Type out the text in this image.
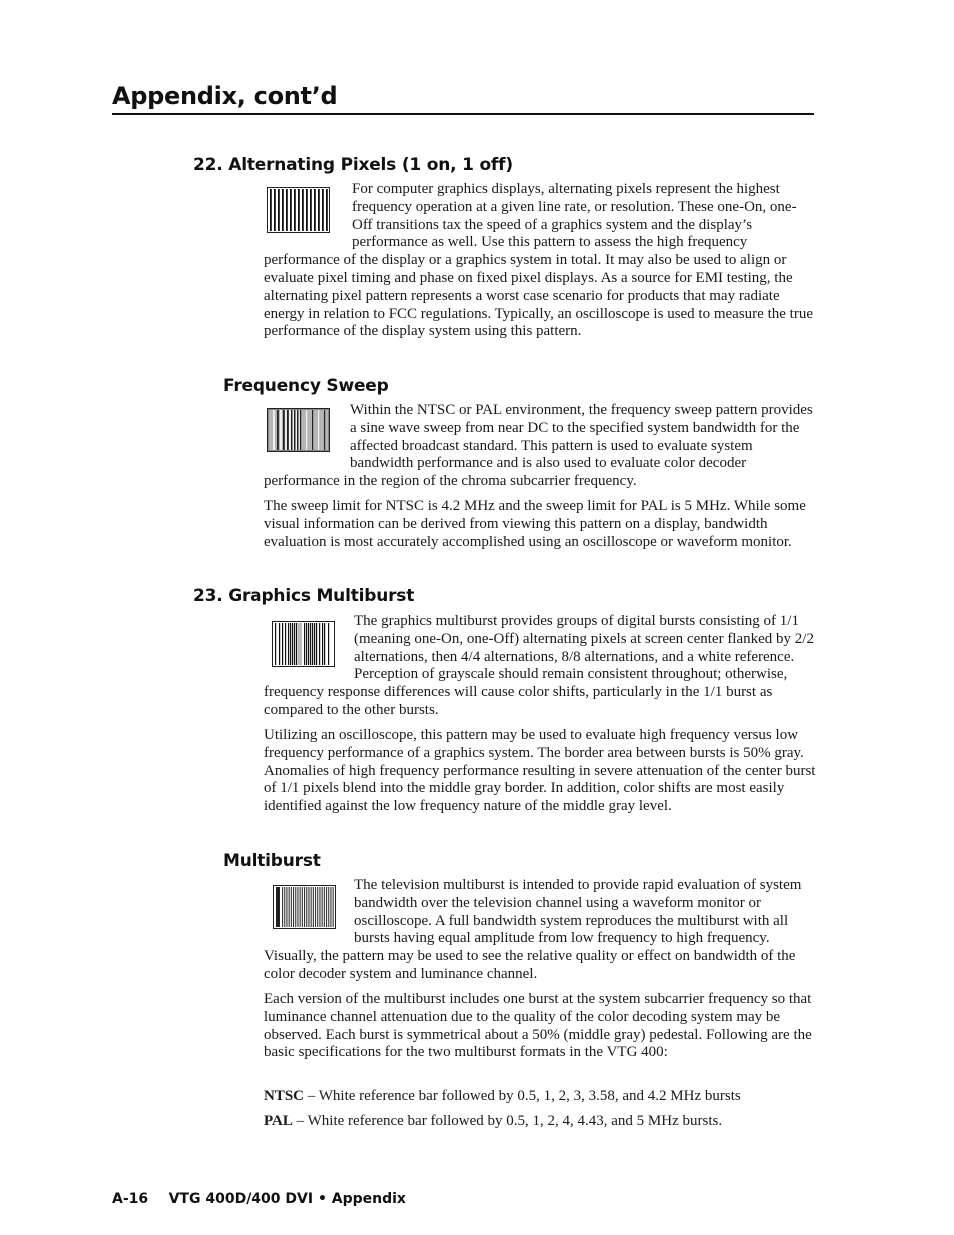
Appendix, cont’d
22. Alternating Pixels (1 on, 1 off)

For computer graphics displays, alternating pixels represent the highest frequency operation at a given line rate, or resolution. These one-On, one-Off transitions tax the speed of a graphics system and the display’s performance as well. Use this pattern to assess the high frequency performance of the display or a graphics system in total. It may also be used to align or evaluate pixel timing and phase on fixed pixel displays. As a source for EMI testing, the alternating pixel pattern represents a worst case scenario for products that may radiate energy in relation to FCC regulations. Typically, an oscilloscope is used to measure the true performance of the display system using this pattern.

Frequency Sweep

Within the NTSC or PAL environment, the frequency sweep pattern provides a sine wave sweep from near DC to the specified system bandwidth for the affected broadcast standard. This pattern is used to evaluate system bandwidth performance and is also used to evaluate color decoder performance in the region of the chroma subcarrier frequency.

The sweep limit for NTSC is 4.2 MHz and the sweep limit for PAL is 5 MHz. While some visual information can be derived from viewing this pattern on a display, bandwidth evaluation is most accurately accomplished using an oscilloscope or waveform monitor.

23. Graphics Multiburst

The graphics multiburst provides groups of digital bursts consisting of 1/1 (meaning one-On, one-Off) alternating pixels at screen center flanked by 2/2 alternations, then 4/4 alternations, 8/8 alternations, and a white reference. Perception of grayscale should remain consistent throughout; otherwise, frequency response differences will cause color shifts, particularly in the 1/1 burst as compared to the other bursts.

Utilizing an oscilloscope, this pattern may be used to evaluate high frequency versus low frequency performance of a graphics system. The border area between bursts is 50% gray. Anomalies of high frequency performance resulting in severe attenuation of the center burst of 1/1 pixels blend into the middle gray border. In addition, color shifts are most easily identified against the low frequency nature of the middle gray level.

Multiburst

The television multiburst is intended to provide rapid evaluation of system bandwidth over the television channel using a waveform monitor or oscilloscope. A full bandwidth system reproduces the multiburst with all bursts having equal amplitude from low frequency to high frequency. Visually, the pattern may be used to see the relative quality or effect on bandwidth of the color decoder system and luminance channel.

Each version of the multiburst includes one burst at the system subcarrier frequency so that luminance channel attenuation due to the quality of the color decoding system may be observed. Each burst is symmetrical about a 50% (middle gray) pedestal. Following are the basic specifications for the two multiburst formats in the VTG 400:

NTSC – White reference bar followed by 0.5, 1, 2, 3, 3.58, and 4.2 MHz bursts

PAL – White reference bar followed by 0.5, 1, 2, 4, 4.43, and 5 MHz bursts.

A-16 VTG 400D/400 DVI • Appendix
